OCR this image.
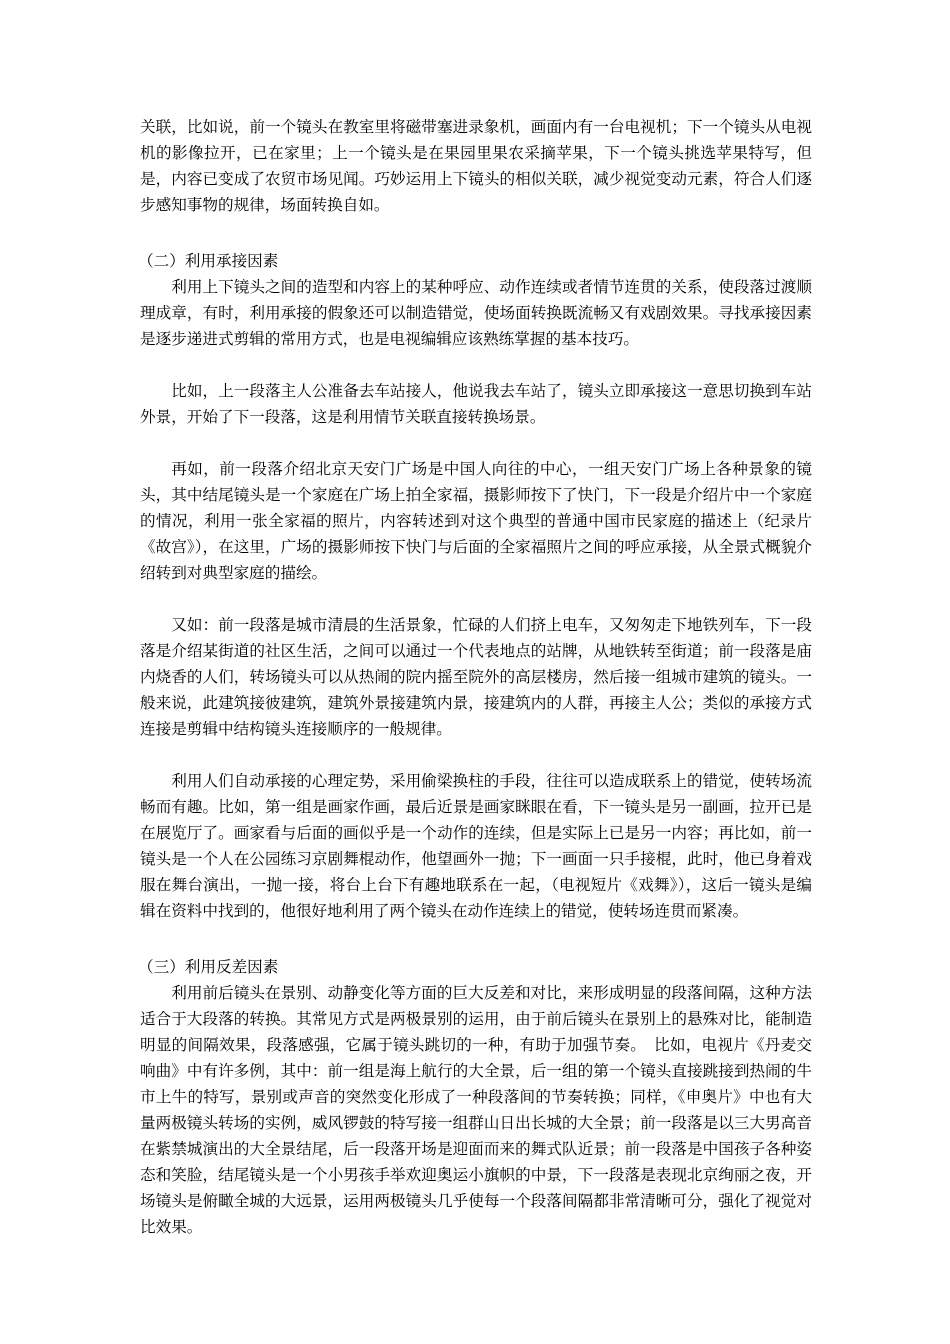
关联，比如说，前一个镜头在教室里将磁带塞进录象机，画面内有一台电视机；下一个镜头从电视机的影像拉开，已在家里；上一个镜头是在果园里果农采摘苹果，下一个镜头挑选苹果特写，但是，内容已变成了农贸市场见闻。巧妙运用上下镜头的相似关联，减少视觉变动元素，符合人们逐步感知事物的规律，场面转换自如。

（二）利用承接因素

利用上下镜头之间的造型和内容上的某种呼应、动作连续或者情节连贯的关系，使段落过渡顺理成章，有时，利用承接的假象还可以制造错觉，使场面转换既流畅又有戏剧效果。寻找承接因素是逐步递进式剪辑的常用方式，也是电视编辑应该熟练掌握的基本技巧。

比如，上一段落主人公准备去车站接人，他说我去车站了，镜头立即承接这一意思切换到车站外景，开始了下一段落，这是利用情节关联直接转换场景。

再如，前一段落介绍北京天安门广场是中国人向往的中心，一组天安门广场上各种景象的镜头，其中结尾镜头是一个家庭在广场上拍全家福，摄影师按下了快门，下一段是介绍片中一个家庭的情况，利用一张全家福的照片，内容转述到对这个典型的普通中国市民家庭的描述上（纪录片《故宫》），在这里，广场的摄影师按下快门与后面的全家福照片之间的呼应承接，从全景式概貌介绍转到对典型家庭的描绘。

又如：前一段落是城市清晨的生活景象，忙碌的人们挤上电车，又匆匆走下地铁列车，下一段落是介绍某街道的社区生活，之间可以通过一个代表地点的站牌，从地铁转至街道；前一段落是庙内烧香的人们，转场镜头可以从热闹的院内摇至院外的高层楼房，然后接一组城市建筑的镜头。一般来说，此建筑接彼建筑，建筑外景接建筑内景，接建筑内的人群，再接主人公；类似的承接方式连接是剪辑中结构镜头连接顺序的一般规律。

利用人们自动承接的心理定势，采用偷梁换柱的手段，往往可以造成联系上的错觉，使转场流畅而有趣。比如，第一组是画家作画，最后近景是画家眯眼在看，下一镜头是另一副画，拉开已是在展览厅了。画家看与后面的画似乎是一个动作的连续，但是实际上已是另一内容；再比如，前一镜头是一个人在公园练习京剧舞棍动作，他望画外一抛；下一画面一只手接棍，此时，他已身着戏服在舞台演出，一抛一接，将台上台下有趣地联系在一起，（电视短片《戏舞》），这后一镜头是编辑在资料中找到的，他很好地利用了两个镜头在动作连续上的错觉，使转场连贯而紧凑。

（三）利用反差因素

利用前后镜头在景别、动静变化等方面的巨大反差和对比，来形成明显的段落间隔，这种方法适合于大段落的转换。其常见方式是两极景别的运用，由于前后镜头在景别上的悬殊对比，能制造明显的间隔效果，段落感强，它属于镜头跳切的一种，有助于加强节奏。　比如，电视片《丹麦交响曲》中有许多例，其中：前一组是海上航行的大全景，后一组的第一个镜头直接跳接到热闹的牛市上牛的特写，景别或声音的突然变化形成了一种段落间的节奏转换；同样，《申奥片》中也有大量两极镜头转场的实例，威风锣鼓的特写接一组群山日出长城的大全景；前一段落是以三大男高音在紫禁城演出的大全景结尾，后一段落开场是迎面而来的舞式队近景；前一段落是中国孩子各种姿态和笑脸，结尾镜头是一个小男孩手举欢迎奥运小旗帜的中景，下一段落是表现北京绚丽之夜，开场镜头是俯瞰全城的大远景，运用两极镜头几乎使每一个段落间隔都非常清晰可分，强化了视觉对比效果。
